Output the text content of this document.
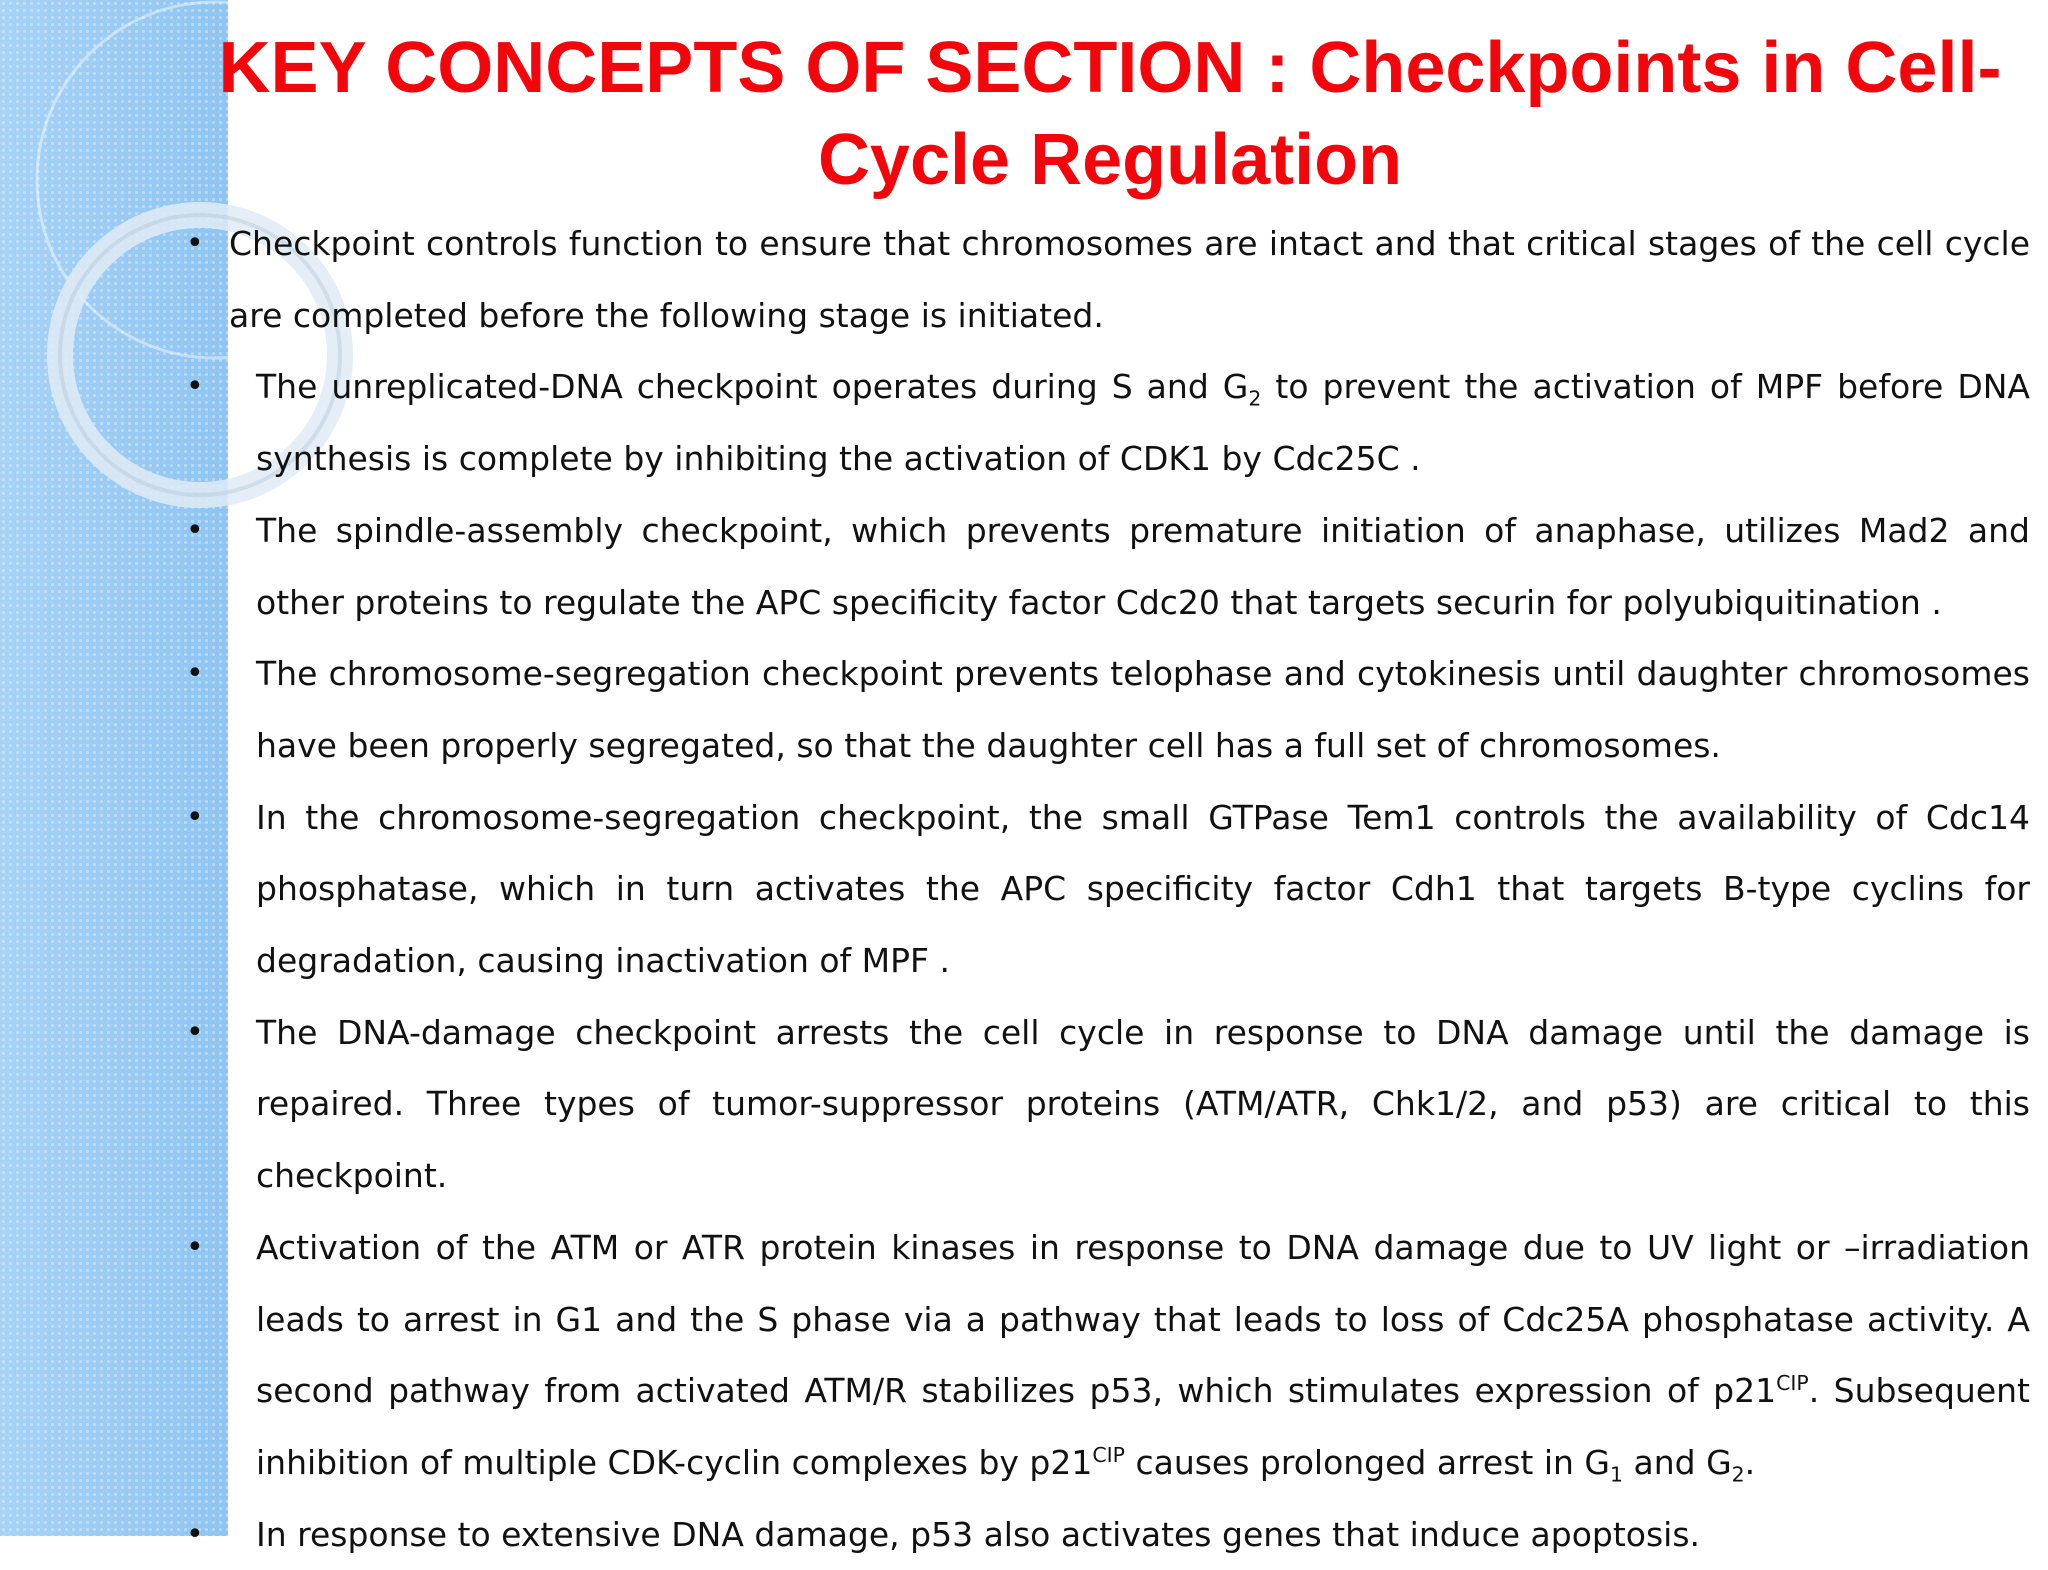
KEY CONCEPTS OF SECTION : Checkpoints in Cell-Cycle Regulation
• Checkpoint controls function to ensure that chromosomes are intact and that critical stages of the cell cycle are completed before the following stage is initiated.
•	The unreplicated-DNA checkpoint operates during S and $G_2$ to prevent the activation of MPF before DNA synthesis is complete by inhibiting the activation of CDK1 by Cdc25C .
•	The spindle-assembly checkpoint, which prevents premature initiation of anaphase, utilizes Mad2 and other proteins to regulate the APC specificity factor Cdc20 that targets securin for polyubiquitination .
•	The chromosome-segregation checkpoint prevents telophase and cytokinesis until daughter chromosomes have been properly segregated, so that the daughter cell has a full set of chromosomes.
•	In the chromosome-segregation checkpoint, the small GTPase Tem1 controls the availability of Cdc14 phosphatase, which in turn activates the APC specificity factor Cdh1 that targets B-type cyclins for degradation, causing inactivation of MPF .
•	The DNA-damage checkpoint arrests the cell cycle in response to DNA damage until the damage is repaired. Three types of tumor-suppressor proteins (ATM/ATR, Chk1/2, and p53) are critical to this checkpoint.
•	Activation of the ATM or ATR protein kinases in response to DNA damage due to UV light or –irradiation leads to arrest in G1 and the S phase via a pathway that leads to loss of Cdc25A phosphatase activity. A second pathway from activated ATM/R stabilizes p53, which stimulates expression of $p21^{CIP}$. Subsequent inhibition of multiple CDK-cyclin complexes by $p21^{CIP}$ causes prolonged arrest in $G_1$ and $G_2$.
•	In response to extensive DNA damage, p53 also activates genes that induce apoptosis.
